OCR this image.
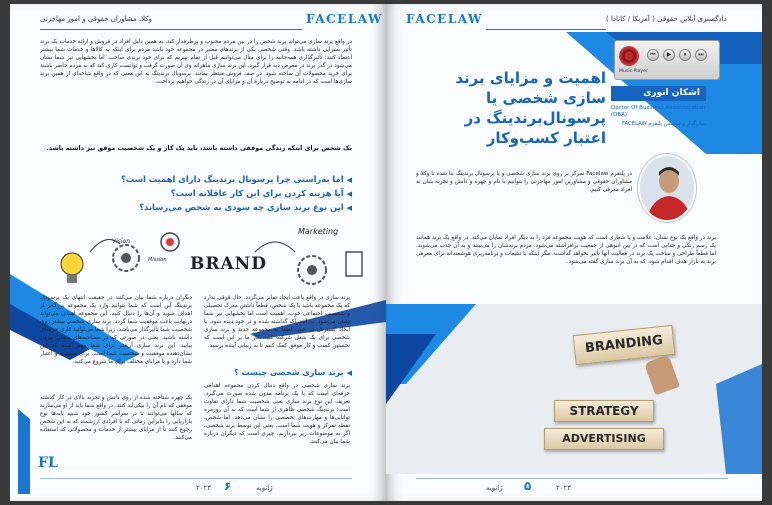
FACELAW
وکلا، مشاوران حقوقی و امور مهاجرتی
در واقع برند سازی می‌تواند برند شخص را در بین مردم محبوب و پرطرفدار کند. به همین دلیل افراد در فروش و ارائه خدمات یک برند تأثیر بسزایی داشته باشد. وقتی شخصی یکی از برندهای معتبر در مجموعه خود باشد مردم برای اینکه به کالاها و خدمات شما بیشتر اعتماد کنند؛ تأثیرگذاری همه‌جانبه را برای مثال می‌توانیم قبل از تمام بپیریم که برای خود برندی ساخت. اما بخشهایی نیز شما نشان می‌شود در گذر برند در معرض دید قرار گیرد. این برند سازی ماهرانه وی آن صورت گرفت و توانست کاری کند که به مردم حاضر باشند برای خرید محصولات آن ساخته شود. در صف فروش منتظر بمانند. پرسونال برندینگ به این معنی که در واقع شاخه‌ای از همین برند سازی‌ها است که در ادامه به توضیح دربارهٔ آن و مزایای آن در زندگی خواهیم پرداخت.
یک شخص برای اینکه زندگی موفقی داشته باشد، باید یک کار و یک شخصیت موفق نیز داشته باشد.
◀اما به‌راستی چرا پرسونال برندینگ دارای اهمیت است؟
◀آیا هزینه کردن برای این کار عاقلانه است؟
◀این نوع برند سازی چه سودی به شخص می‌رساند؟
BRAND
Marketing
Vision
Mission
برند سازی در واقع باعث ایجاد تمایز می‌گردد. حال فرقی ندارد که یک مجموعه باشد یا یک شخص، قطعاً داشتن مدرک تحصیلی و شخصیت اجتماعی خوب، اهمیت است اما بخشهایی نیز شما نشان می‌شود. به اشتراک گذاشته شده و در خود دیده شود. با ایجاد گسترش در خود، لطفاً به مجموعه جدید و برند سازی شخصی برای یک شغل شرکت کنید. کار ما بر این است که نخستین کسب و کار موفق کمک کنیم تا به زیبایی آینده برسید.
◀برند سازی شخصی چیست ؟
برند سازی شخصی در واقع دنبال کردن مجموعه اهدافی حرفه‌ای است که با یک برنامه مدون شده صورت می‌گیرد. تعریف این نوع برند سازی یعنی شخصیت شما دارای تفاوت است؛ برندینگ شخصی ظاهری از شما است که به آن روزمره توانایی‌ها و مهارت‌های تخصصی را نشان می‌دهد. اما شخص، نقطه تمرکز و هویت شما است. یعنی این توسط برند شخصی، اگر به موضوعات زیر بپردازیم، چیزی است که دیگران درباره شما بیان می‌کنند.
دیگران درباره شما بیان می‌کنند در حقیقت انتهای یک پرسونال برندینگ این است که شما بتوانید وارد یک مجموعه بزرگ‌تر از اهداف شوید و آن‌ها را دنبال کنید. این مجموعه اهداف می‌تواند درنهایت باعث موفقیت شما گردد. برند سازی شخصی بیشتر روی شخصیت شما تأثیرگذار می‌باشد. زیرا شما می‌توانید کاری حرفه‌ای داشته باشید. یعنی در صورتی که در مصاحبه‌های شغلی بیرون بیایید. این برند سازی آن‌قدر برای شما مهم است که این نشان‌دهنده موفقیت و شخصیت شما است. برای مشتری و اعتبار شما دارد و با مزایای مختلف برای ما شروع می‌کنید.
یک چهره شناخته شده از روی دانش و تجربه بالای در کار گذشته موفقی که نام آن را بیکی‌اید کنند. در واقع شما باید از او می‌سازند که سالها می‌توانند تا در سراسر کشور خود شبیه پایه‌ها نوع بازاریابی را بنابراین زمانی که با افرادی ارزشمند که به این شخص رجوع کنند تا از مزایای بیشتر از خدمات و محصولاتی که استفاده می‌کنند.
۶	ژانویه
۲۰۲۳
FL
FACELAW	دادگستری آنلاین حقوقی ( آمریکا / کانادا )
⏮	▶	⏸	⏭
Music Player
اهمیت و مزایای برند سازی شخصی یا پرسونال‌برندینگ در اعتبار کسب‌وکار
اشکان انوری
Doctor Of Business Administration (DBA)
بنیان‌گذار و موسس پلتفرم FACELAW
در پلتفرم Facelaw تمرکز بر روی برند سازی شخصی و یا پرسونال برندینگ بنا شده تا وکلا و مشاوران حقوقی و مشاورین امور مهاجرتی را بتوانیم با نام و چهره و دانش و تجربه شان به افراد معرفی کنیم.
برند در واقع یک نوع نشان، علامت و یا شعاری است که هویت مجموعه فرد را به دیگر افراد نمایان می‌کند. در واقع یک برند همانند یک رسم رنگی و جذابی است که در بین انبوهی از جمعیت برافراشته می‌شود. مردم برندشان را می‌بینند و به آن جذب می‌شوند. اما قطعاً طراحی و ساخت یک برند در فعالیت آنها تأثیر نخواهد گذاشت، مگر اینکه با تبلیغات و برنامه‌ریزی هوشمندانه برای معرفی برند به بازار هدف اقدام شود. که به آن برند سازی گفته می‌شود.
BRANDING
STRATEGY
ADVERTISING
۵
ژانویه	۲۰۲۳
